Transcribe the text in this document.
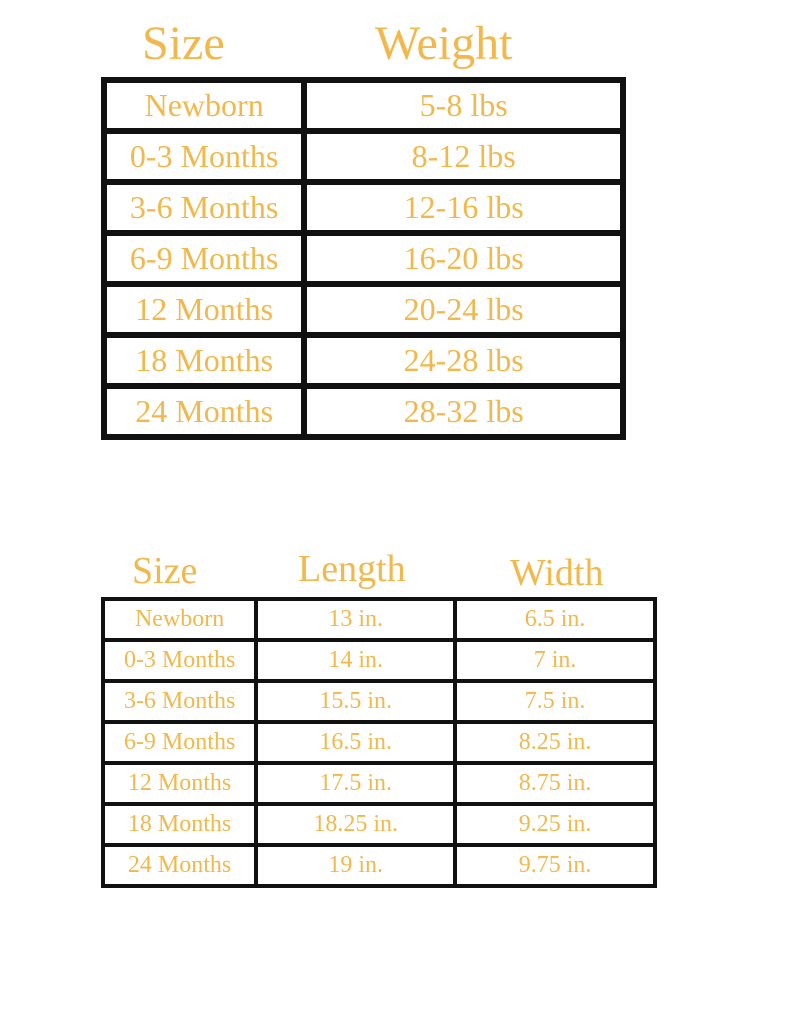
Size	Weight
Newborn	5-8 lbs
0-3 Months	8-12 lbs
3-6 Months	12-16 lbs
6-9 Months	16-20 lbs
12 Months	20-24 lbs
18 Months	24-28 lbs
24 Months	28-32 lbs
Size	Length	Width
Newborn	13 in.	6.5 in.
0-3 Months	14 in.	7 in.
3-6 Months	15.5 in.	7.5 in.
6-9 Months	16.5 in.	8.25 in.
12 Months	17.5 in.	8.75 in.
18 Months	18.25 in.	9.25 in.
24 Months	19 in.	9.75 in.
